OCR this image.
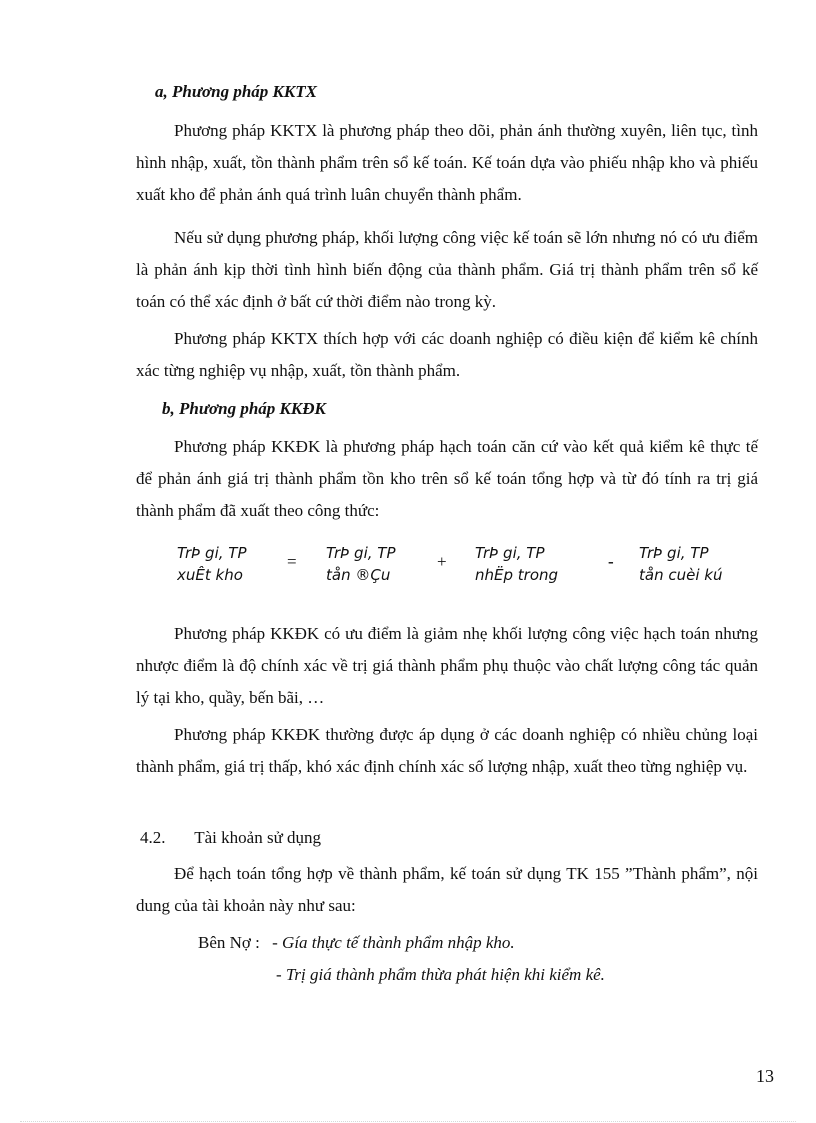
a, Phương pháp KKTX

Phương pháp KKTX là phương pháp theo dõi, phản ánh thường xuyên, liên tục, tình hình nhập, xuất, tồn thành phẩm trên sổ kế toán. Kế toán dựa vào phiếu nhập kho và phiếu xuất kho để phản ánh quá trình luân chuyển thành phẩm.

Nếu sử dụng phương pháp, khối lượng công việc kế toán sẽ lớn nhưng nó có ưu điểm là phản ánh kịp thời tình hình biến động của thành phẩm. Giá trị thành phẩm trên sổ kế toán có thể xác định ở bất cứ thời điểm nào trong kỳ.

Phương pháp KKTX thích hợp với các doanh nghiệp có điều kiện để kiểm kê chính xác từng nghiệp vụ nhập, xuất, tồn thành phẩm.

b, Phương pháp KKĐK

Phương pháp KKĐK là phương pháp hạch toán căn cứ vào kết quả kiểm kê thực tế để phản ánh giá trị thành phẩm tồn kho trên sổ kế toán tổng hợp và từ đó tính ra trị giá thành phẩm đã xuất theo công thức:

TrÞ gi, TP
xuÊt kho
= TrÞ gi, TP
tån ®Çu
+ TrÞ gi, TP
nhËp trong
- TrÞ gi, TP
tån cuèi kú

Phương pháp KKĐK có ưu điểm là giảm nhẹ khối lượng công việc hạch toán nhưng nhược điểm là độ chính xác về trị giá thành phẩm phụ thuộc vào chất lượng công tác quản lý tại kho, quầy, bến bãi, …

Phương pháp KKĐK thường được áp dụng ở các doanh nghiệp có nhiều chủng loại thành phẩm, giá trị thấp, khó xác định chính xác số lượng nhập, xuất theo từng nghiệp vụ.

4.2. Tài khoản sử dụng

Để hạch toán tổng hợp về thành phẩm, kế toán sử dụng TK 155 ”Thành phẩm”, nội dung của tài khoản này như sau:

Bên Nợ : - Gía thực tế thành phẩm nhập kho.
- Trị giá thành phẩm thừa phát hiện khi kiểm kê.
13
